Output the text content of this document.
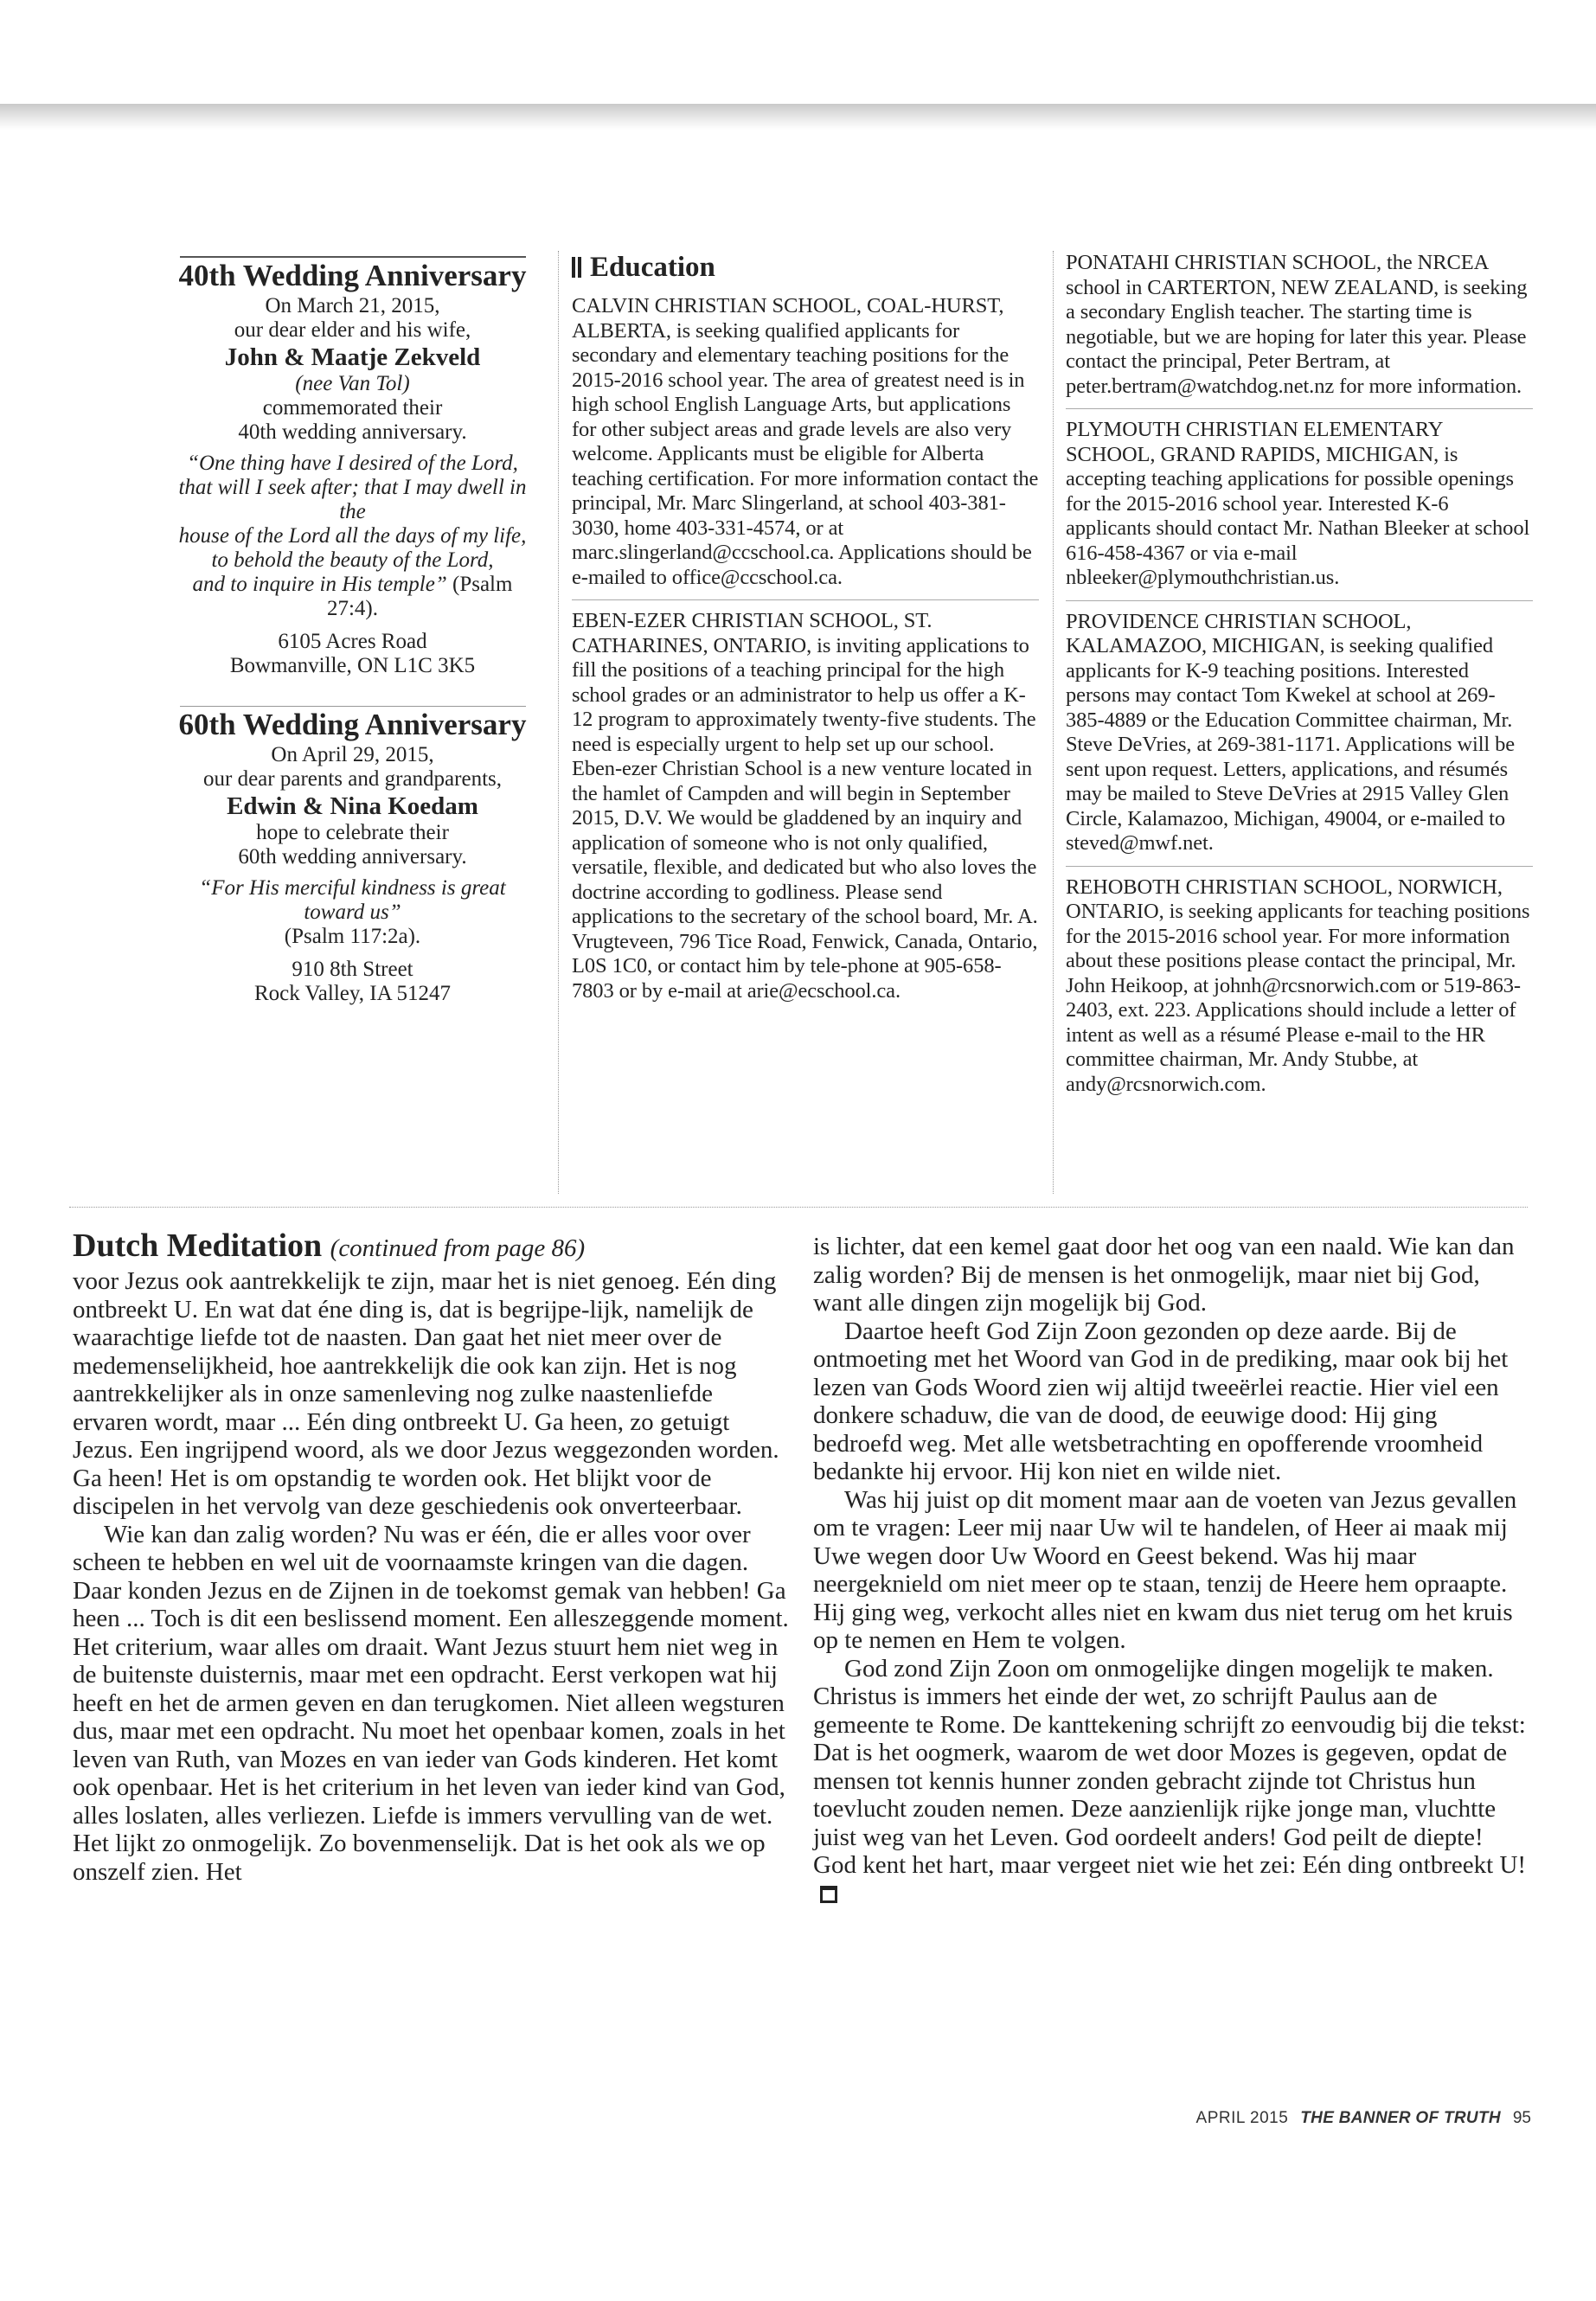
40th Wedding Anniversary

On March 21, 2015,

our dear elder and his wife,

John & Maatje Zekveld

(nee Van Tol)

commemorated their

40th wedding anniversary.

“One thing have I desired of the Lord,

that will I seek after; that I may dwell in the

house of the Lord all the days of my life,

to behold the beauty of the Lord,

and to inquire in His temple” (Psalm 27:4).

6105 Acres Road

Bowmanville, ON L1C 3K5

60th Wedding Anniversary

On April 29, 2015,

our dear parents and grandparents,

Edwin & Nina Koedam

hope to celebrate their

60th wedding anniversary.

“For His merciful kindness is great toward us”

(Psalm 117:2a).

910 8th Street

Rock Valley, IA 51247

Education

CALVIN CHRISTIAN SCHOOL, COAL-HURST, ALBERTA, is seeking qualified applicants for secondary and elementary teaching positions for the 2015-2016 school year. The area of greatest need is in high school English Language Arts, but applications for other subject areas and grade levels are also very welcome. Applicants must be eligible for Alberta teaching certification. For more information contact the principal, Mr. Marc Slingerland, at school 403-381-3030, home 403-331-4574, or at marc.slingerland@ccschool.ca. Applications should be e-mailed to office@ccschool.ca.

EBEN-EZER CHRISTIAN SCHOOL, ST. CATHARINES, ONTARIO, is inviting applications to fill the positions of a teaching principal for the high school grades or an administrator to help us offer a K-12 program to approximately twenty-five students. The need is especially urgent to help set up our school. Eben-ezer Christian School is a new venture located in the hamlet of Campden and will begin in September 2015, D.V. We would be gladdened by an inquiry and application of someone who is not only qualified, versatile, flexible, and dedicated but who also loves the doctrine according to godliness. Please send applications to the secretary of the school board, Mr. A. Vrugteveen, 796 Tice Road, Fenwick, Canada, Ontario, L0S 1C0, or contact him by tele-phone at 905-658-7803 or by e-mail at arie@ecschool.ca.

PONATAHI CHRISTIAN SCHOOL, the NRCEA school in CARTERTON, NEW ZEALAND, is seeking a secondary English teacher. The starting time is negotiable, but we are hoping for later this year. Please contact the principal, Peter Bertram, at peter.bertram@watchdog.net.nz for more information.

PLYMOUTH CHRISTIAN ELEMENTARY SCHOOL, GRAND RAPIDS, MICHIGAN, is accepting teaching applications for possible openings for the 2015-2016 school year. Interested K-6 applicants should contact Mr. Nathan Bleeker at school 616-458-4367 or via e-mail nbleeker@plymouthchristian.us.

PROVIDENCE CHRISTIAN SCHOOL, KALAMAZOO, MICHIGAN, is seeking qualified applicants for K-9 teaching positions. Interested persons may contact Tom Kwekel at school at 269-385-4889 or the Education Committee chairman, Mr. Steve DeVries, at 269-381-1171. Applications will be sent upon request. Letters, applications, and résumés may be mailed to Steve DeVries at 2915 Valley Glen Circle, Kalamazoo, Michigan, 49004, or e-mailed to steved@mwf.net.

REHOBOTH CHRISTIAN SCHOOL, NORWICH, ONTARIO, is seeking applicants for teaching positions for the 2015-2016 school year. For more information about these positions please contact the principal, Mr. John Heikoop, at johnh@rcsnorwich.com or 519-863-2403, ext. 223. Applications should include a letter of intent as well as a résumé Please e-mail to the HR committee chairman, Mr. Andy Stubbe, at andy@rcsnorwich.com.

Dutch Meditation (continued from page 86)

voor Jezus ook aantrekkelijk te zijn, maar het is niet genoeg. Eén ding ontbreekt U. En wat dat éne ding is, dat is begrijpe-lijk, namelijk de waarachtige liefde tot de naasten. Dan gaat het niet meer over de medemenselijkheid, hoe aantrekkelijk die ook kan zijn. Het is nog aantrekkelijker als in onze samenleving nog zulke naastenliefde ervaren wordt, maar ... Eén ding ontbreekt U. Ga heen, zo getuigt Jezus. Een ingrijpend woord, als we door Jezus weggezonden worden. Ga heen! Het is om opstandig te worden ook. Het blijkt voor de discipelen in het vervolg van deze geschiedenis ook onverteerbaar.

Wie kan dan zalig worden? Nu was er één, die er alles voor over scheen te hebben en wel uit de voornaamste kringen van die dagen. Daar konden Jezus en de Zijnen in de toekomst gemak van hebben! Ga heen ... Toch is dit een beslissend moment. Een alleszeggende moment. Het criterium, waar alles om draait. Want Jezus stuurt hem niet weg in de buitenste duisternis, maar met een opdracht. Eerst verkopen wat hij heeft en het de armen geven en dan terugkomen. Niet alleen wegsturen dus, maar met een opdracht. Nu moet het openbaar komen, zoals in het leven van Ruth, van Mozes en van ieder van Gods kinderen. Het komt ook openbaar. Het is het criterium in het leven van ieder kind van God, alles loslaten, alles verliezen. Liefde is immers vervulling van de wet. Het lijkt zo onmogelijk. Zo bovenmenselijk. Dat is het ook als we op onszelf zien. Het

is lichter, dat een kemel gaat door het oog van een naald. Wie kan dan zalig worden? Bij de mensen is het onmogelijk, maar niet bij God, want alle dingen zijn mogelijk bij God.

Daartoe heeft God Zijn Zoon gezonden op deze aarde. Bij de ontmoeting met het Woord van God in de prediking, maar ook bij het lezen van Gods Woord zien wij altijd tweeërlei reactie. Hier viel een donkere schaduw, die van de dood, de eeuwige dood: Hij ging bedroefd weg. Met alle wetsbetrachting en opofferende vroomheid bedankte hij ervoor. Hij kon niet en wilde niet.

Was hij juist op dit moment maar aan de voeten van Jezus gevallen om te vragen: Leer mij naar Uw wil te handelen, of Heer ai maak mij Uwe wegen door Uw Woord en Geest bekend. Was hij maar neergeknield om niet meer op te staan, tenzij de Heere hem opraapte. Hij ging weg, verkocht alles niet en kwam dus niet terug om het kruis op te nemen en Hem te volgen.

God zond Zijn Zoon om onmogelijke dingen mogelijk te maken. Christus is immers het einde der wet, zo schrijft Paulus aan de gemeente te Rome. De kanttekening schrijft zo eenvoudig bij die tekst: Dat is het oogmerk, waarom de wet door Mozes is gegeven, opdat de mensen tot kennis hunner zonden gebracht zijnde tot Christus hun toevlucht zouden nemen. Deze aanzienlijk rijke jonge man, vluchtte juist weg van het Leven. God oordeelt anders! God peilt de diepte! God kent het hart, maar vergeet niet wie het zei: Eén ding ontbreekt U!

APRIL 2015 THE BANNER OF TRUTH 95
